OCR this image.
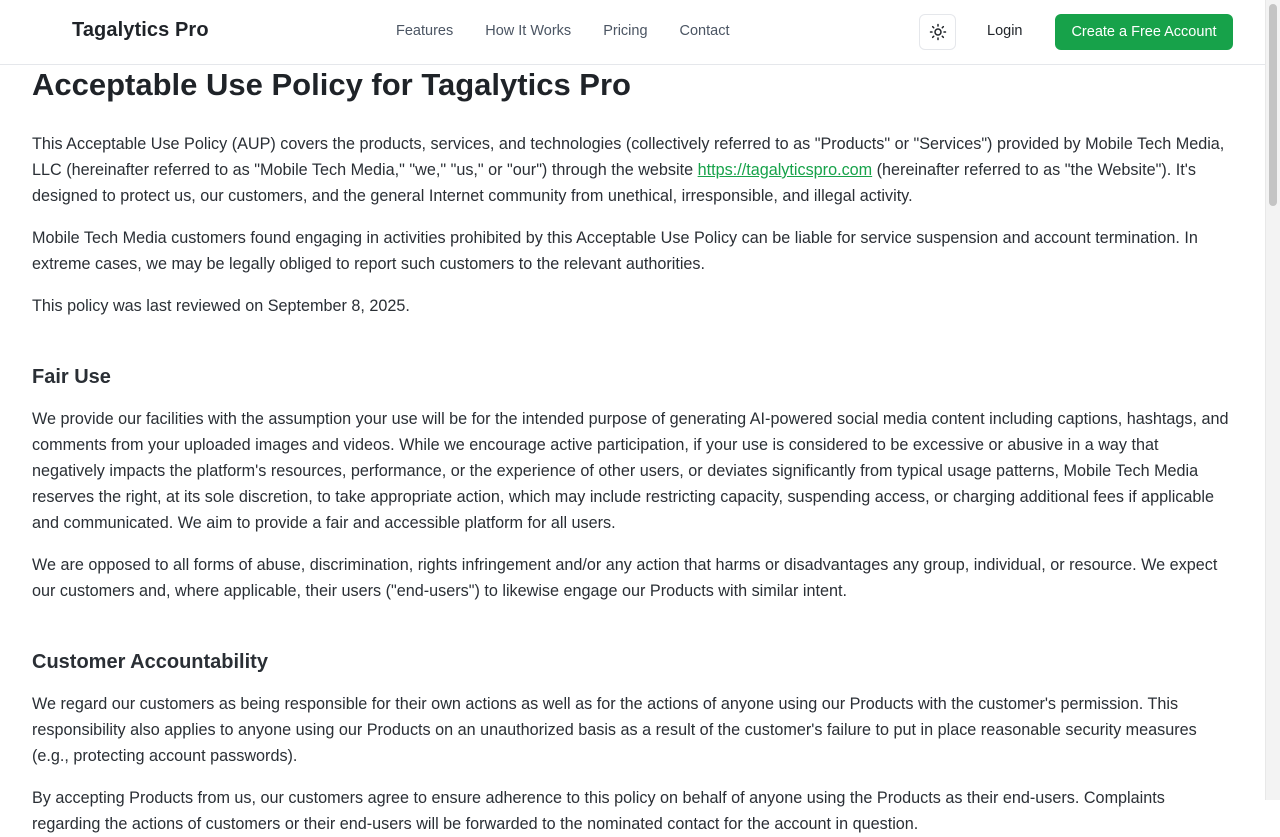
Tagalytics Pro	Features How It Works Pricing Contact	Login	Create a Free Account
Acceptable Use Policy for Tagalytics Pro

This Acceptable Use Policy (AUP) covers the products, services, and technologies (collectively referred to as "Products" or "Services") provided by Mobile Tech Media, LLC (hereinafter referred to as "Mobile Tech Media," "we," "us," or "our") through the website https://tagalyticspro.com (hereinafter referred to as "the Website"). It's designed to protect us, our customers, and the general Internet community from unethical, irresponsible, and illegal activity.

Mobile Tech Media customers found engaging in activities prohibited by this Acceptable Use Policy can be liable for service suspension and account termination. In extreme cases, we may be legally obliged to report such customers to the relevant authorities.

This policy was last reviewed on September 8, 2025.

Fair Use

We provide our facilities with the assumption your use will be for the intended purpose of generating AI-powered social media content including captions, hashtags, and comments from your uploaded images and videos. While we encourage active participation, if your use is considered to be excessive or abusive in a way that negatively impacts the platform's resources, performance, or the experience of other users, or deviates significantly from typical usage patterns, Mobile Tech Media reserves the right, at its sole discretion, to take appropriate action, which may include restricting capacity, suspending access, or charging additional fees if applicable and communicated. We aim to provide a fair and accessible platform for all users.

We are opposed to all forms of abuse, discrimination, rights infringement and/or any action that harms or disadvantages any group, individual, or resource. We expect our customers and, where applicable, their users ("end-users") to likewise engage our Products with similar intent.

Customer Accountability

We regard our customers as being responsible for their own actions as well as for the actions of anyone using our Products with the customer's permission. This responsibility also applies to anyone using our Products on an unauthorized basis as a result of the customer's failure to put in place reasonable security measures (e.g., protecting account passwords).

By accepting Products from us, our customers agree to ensure adherence to this policy on behalf of anyone using the Products as their end-users. Complaints regarding the actions of customers or their end-users will be forwarded to the nominated contact for the account in question.
